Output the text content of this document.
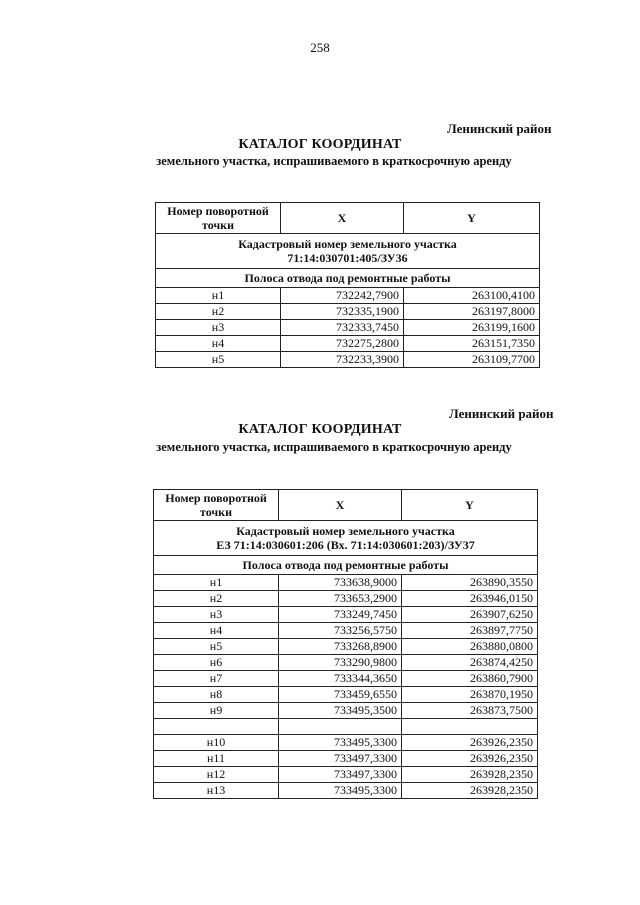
258
Ленинский район
КАТАЛОГ КООРДИНАТ
земельного участка, испрашиваемого в краткосрочную аренду
Номер поворотной точки	X	Y

Кадастровый номер земельного участка
71:14:030701:405/ЗУ36		

Полоса отвода под ремонтные работы		
н1	732242,7900	263100,4100
н2	732335,1900	263197,8000
н3	732333,7450	263199,1600
н4	732275,2800	263151,7350
н5	732233,3900	263109,7700
Ленинский район
КАТАЛОГ КООРДИНАТ
земельного участка, испрашиваемого в краткосрочную аренду
Номер поворотной точки	X	Y

Кадастровый номер земельного участка
ЕЗ 71:14:030601:206 (Вх. 71:14:030601:203)/ЗУ37		

Полоса отвода под ремонтные работы		
н1	733638,9000	263890,3550
н2	733653,2900	263946,0150
н3	733249,7450	263907,6250
н4	733256,5750	263897,7750
н5	733268,8900	263880,0800
н6	733290,9800	263874,4250
н7	733344,3650	263860,7900
н8	733459,6550	263870,1950
н9	733495,3500	263873,7500

н10	733495,3300	263926,2350
н11	733497,3300	263926,2350
н12	733497,3300	263928,2350
н13	733495,3300	263928,2350
